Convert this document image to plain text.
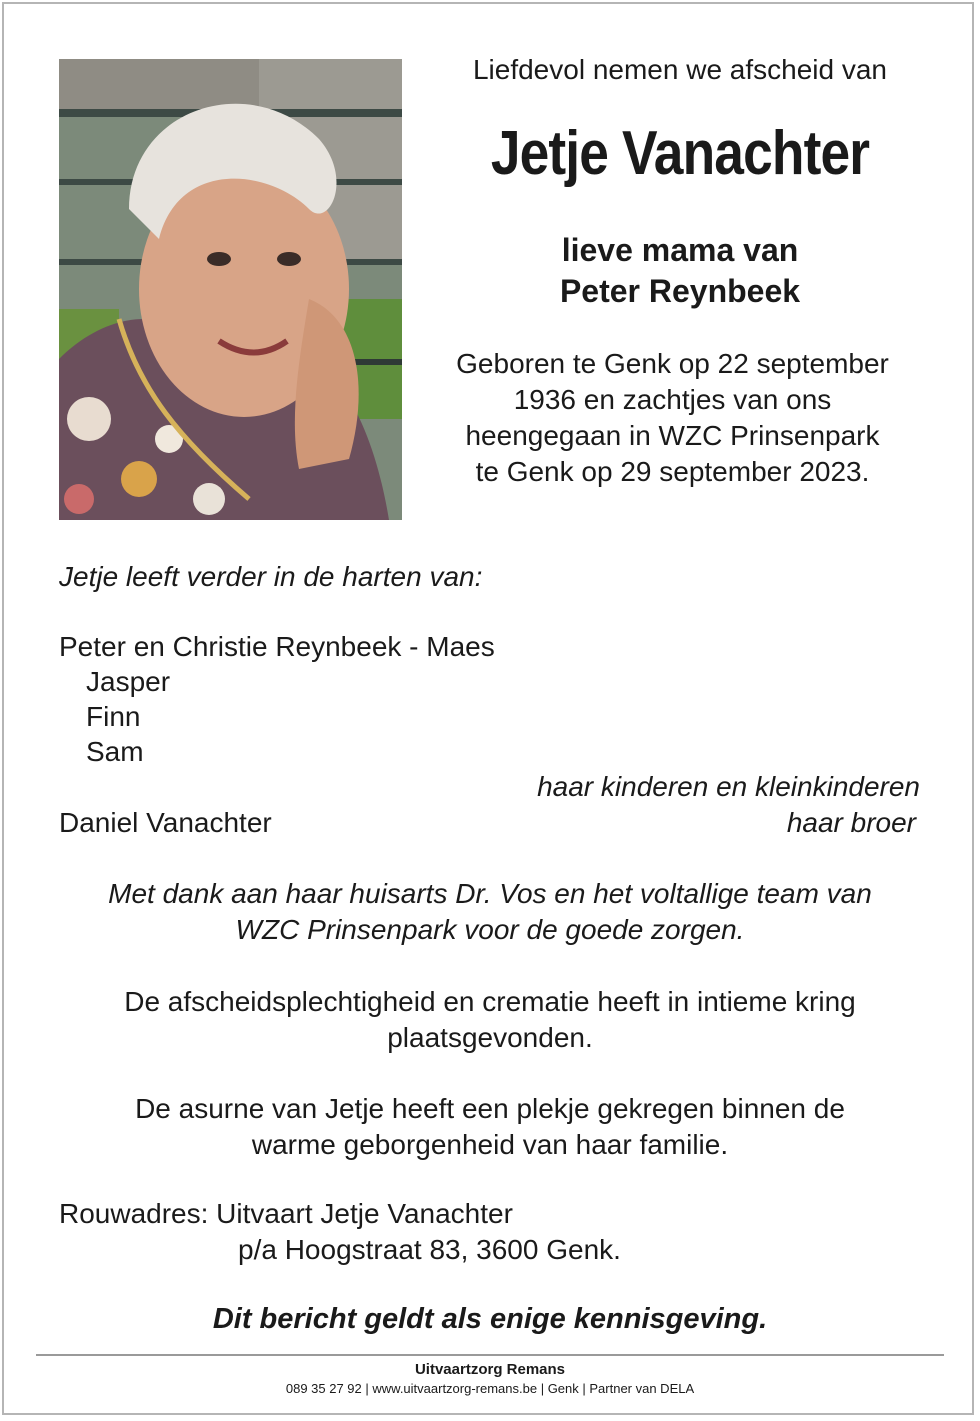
Liefdevol nemen we afscheid van
Jetje Vanachter
lieve mama van
Peter Reynbeek
Geboren te Genk op 22 september
1936 en zachtjes van ons
heengegaan in WZC Prinsenpark
te Genk op 29 september 2023.
Jetje leeft verder in de harten van:
Peter en Christie Reynbeek - Maes
Jasper
Finn
Sam
haar kinderen en kleinkinderen
Daniel Vanachter	haar broer
Met dank aan haar huisarts Dr. Vos en het voltallige team van
WZC Prinsenpark voor de goede zorgen.
De afscheidsplechtigheid en crematie heeft in intieme kring
plaatsgevonden.
De asurne van Jetje heeft een plekje gekregen binnen de
warme geborgenheid van haar familie.
Rouwadres: Uitvaart Jetje Vanachter
p/a Hoogstraat 83, 3600 Genk.
Dit bericht geldt als enige kennisgeving.
Uitvaartzorg Remans
089 35 27 92 | www.uitvaartzorg-remans.be | Genk | Partner van DELA
